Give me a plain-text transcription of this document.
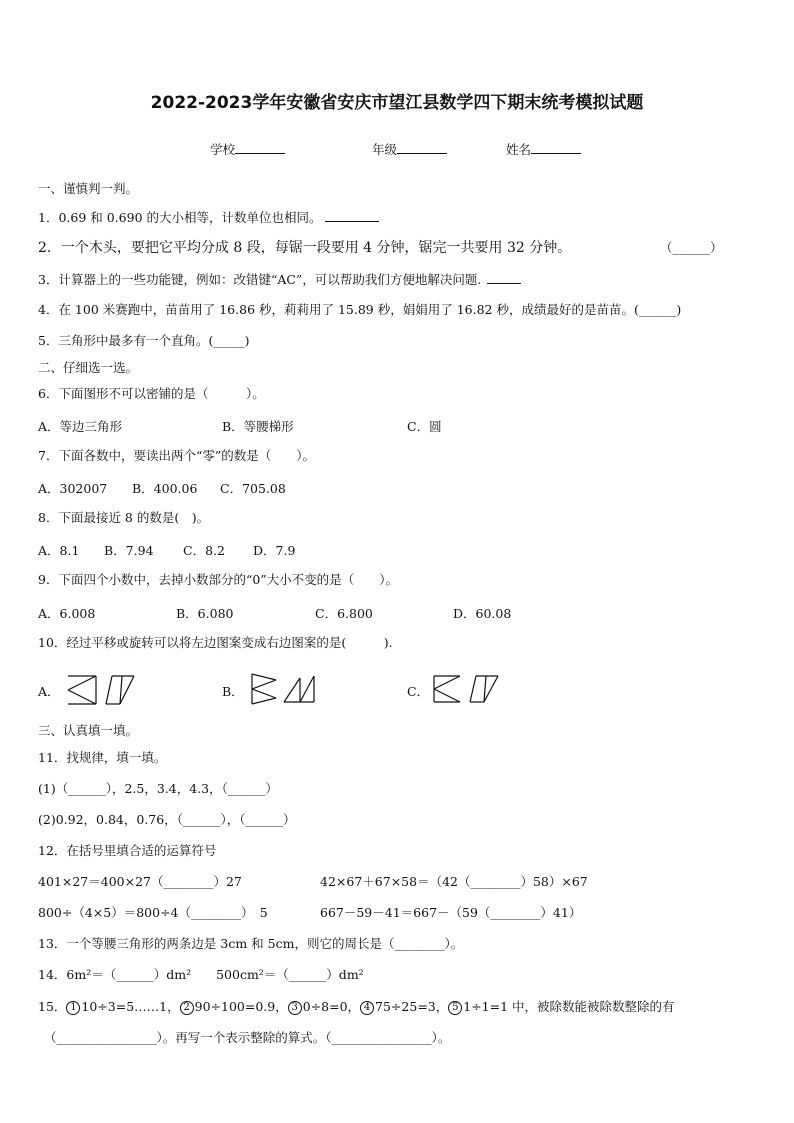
2022-2023学年安徽省安庆市望江县数学四下期末统考模拟试题
学校	年级	姓名
一、谨慎判一判。
1．0.69 和 0.690 的大小相等，计数单位也相同。
2．一个木头，要把它平均分成 8 段，每锯一段要用 4 分钟，锯完一共要用 32 分钟。	（______）
3．计算器上的一些功能键，例如：改错键“AC”，可以帮助我们方便地解决问题.
4．在 100 米赛跑中，苗苗用了 16.86 秒，莉莉用了 15.89 秒，娟娟用了 16.82 秒，成绩最好的是苗苗。(______)
5．三角形中最多有一个直角。(_____)
二、仔细选一选。
6．下面图形不可以密铺的是（　　　）。
A．等边三角形	B．等腰梯形	C．圆
7．下面各数中，要读出两个“零”的数是（　　）。
A．302007 B．400.06 C．705.08
8．下面最接近 8 的数是(　)。
A．8.1 B．7.94 C．8.2 D．7.9
9．下面四个小数中，去掉小数部分的“0”大小不变的是（　　）。
A．6.008	B．6.080	C．6.800	D．60.08
10．经过平移或旋转可以将左边图案变成右边图案的是(　　　).
A．	B．	C．
三、认真填一填。
11．找规律，填一填。
(1)（______），2.5，3.4，4.3，（______）
(2)0.92，0.84，0.76，（______），（______）
12．在括号里填合适的运算符号
401×27＝400×27（________）27	42×67＋67×58＝（42（________）58）×67
800÷（4×5）＝800÷4（________）　5	667－59－41＝667－（59（________）41）
13．一个等腰三角形的两条边是 3cm 和 5cm，则它的周长是（________）。
14．6m²＝（______）dm²　　500cm²＝（______）dm²
15． 1 10÷3=5……1， 2 90÷100=0.9， 3 0÷8=0， 4 75÷25=3， 5 1÷1=1 中，被除数能被除数整除的有
（________________）。再写一个表示整除的算式。（________________）。
